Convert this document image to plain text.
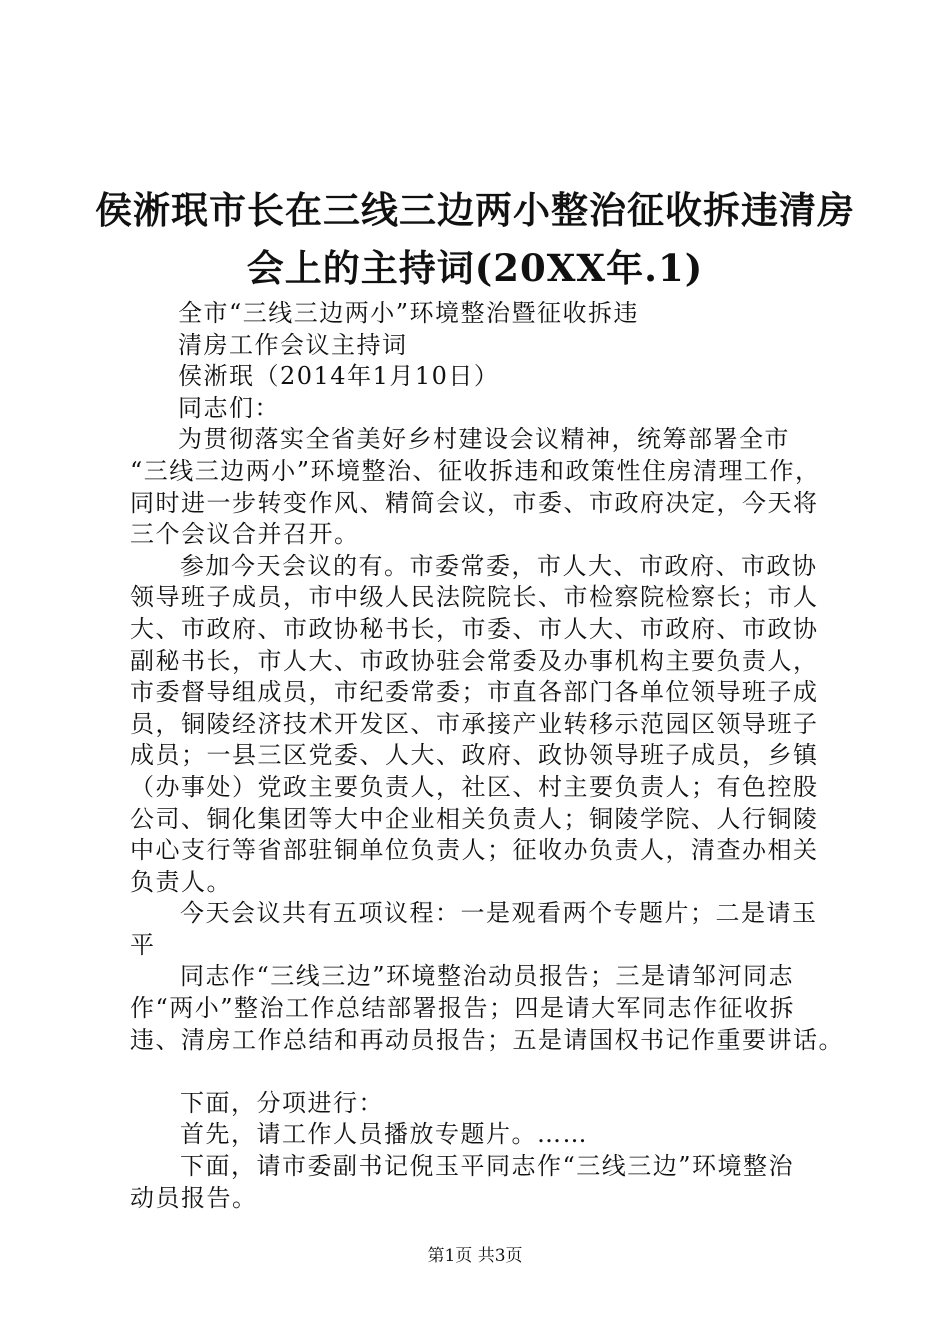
侯淅珉市长在三线三边两小整治征收拆违清房
会上的主持词(20XX年.1)
全市“三线三边两小”环境整治暨征收拆违
清房工作会议主持词
侯淅珉（2014年1月10日）
同志们：
为贯彻落实全省美好乡村建设会议精神，统筹部署全市
“三线三边两小”环境整治、征收拆违和政策性住房清理工作，
同时进一步转变作风、精简会议，市委、市政府决定，今天将
三个会议合并召开。
参加今天会议的有。市委常委，市人大、市政府、市政协
领导班子成员，市中级人民法院院长、市检察院检察长；市人
大、市政府、市政协秘书长，市委、市人大、市政府、市政协
副秘书长，市人大、市政协驻会常委及办事机构主要负责人，
市委督导组成员，市纪委常委；市直各部门各单位领导班子成
员，铜陵经济技术开发区、市承接产业转移示范园区领导班子
成员；一县三区党委、人大、政府、政协领导班子成员，乡镇
（办事处）党政主要负责人，社区、村主要负责人；有色控股
公司、铜化集团等大中企业相关负责人；铜陵学院、人行铜陵
中心支行等省部驻铜单位负责人；征收办负责人，清查办相关
负责人。
今天会议共有五项议程：一是观看两个专题片；二是请玉
平
同志作“三线三边”环境整治动员报告；三是请邹河同志
作“两小”整治工作总结部署报告；四是请大军同志作征收拆
违、清房工作总结和再动员报告；五是请国权书记作重要讲话。
下面，分项进行：
首先，请工作人员播放专题片。……
下面，请市委副书记倪玉平同志作“三线三边”环境整治
动员报告。
第1页 共3页
